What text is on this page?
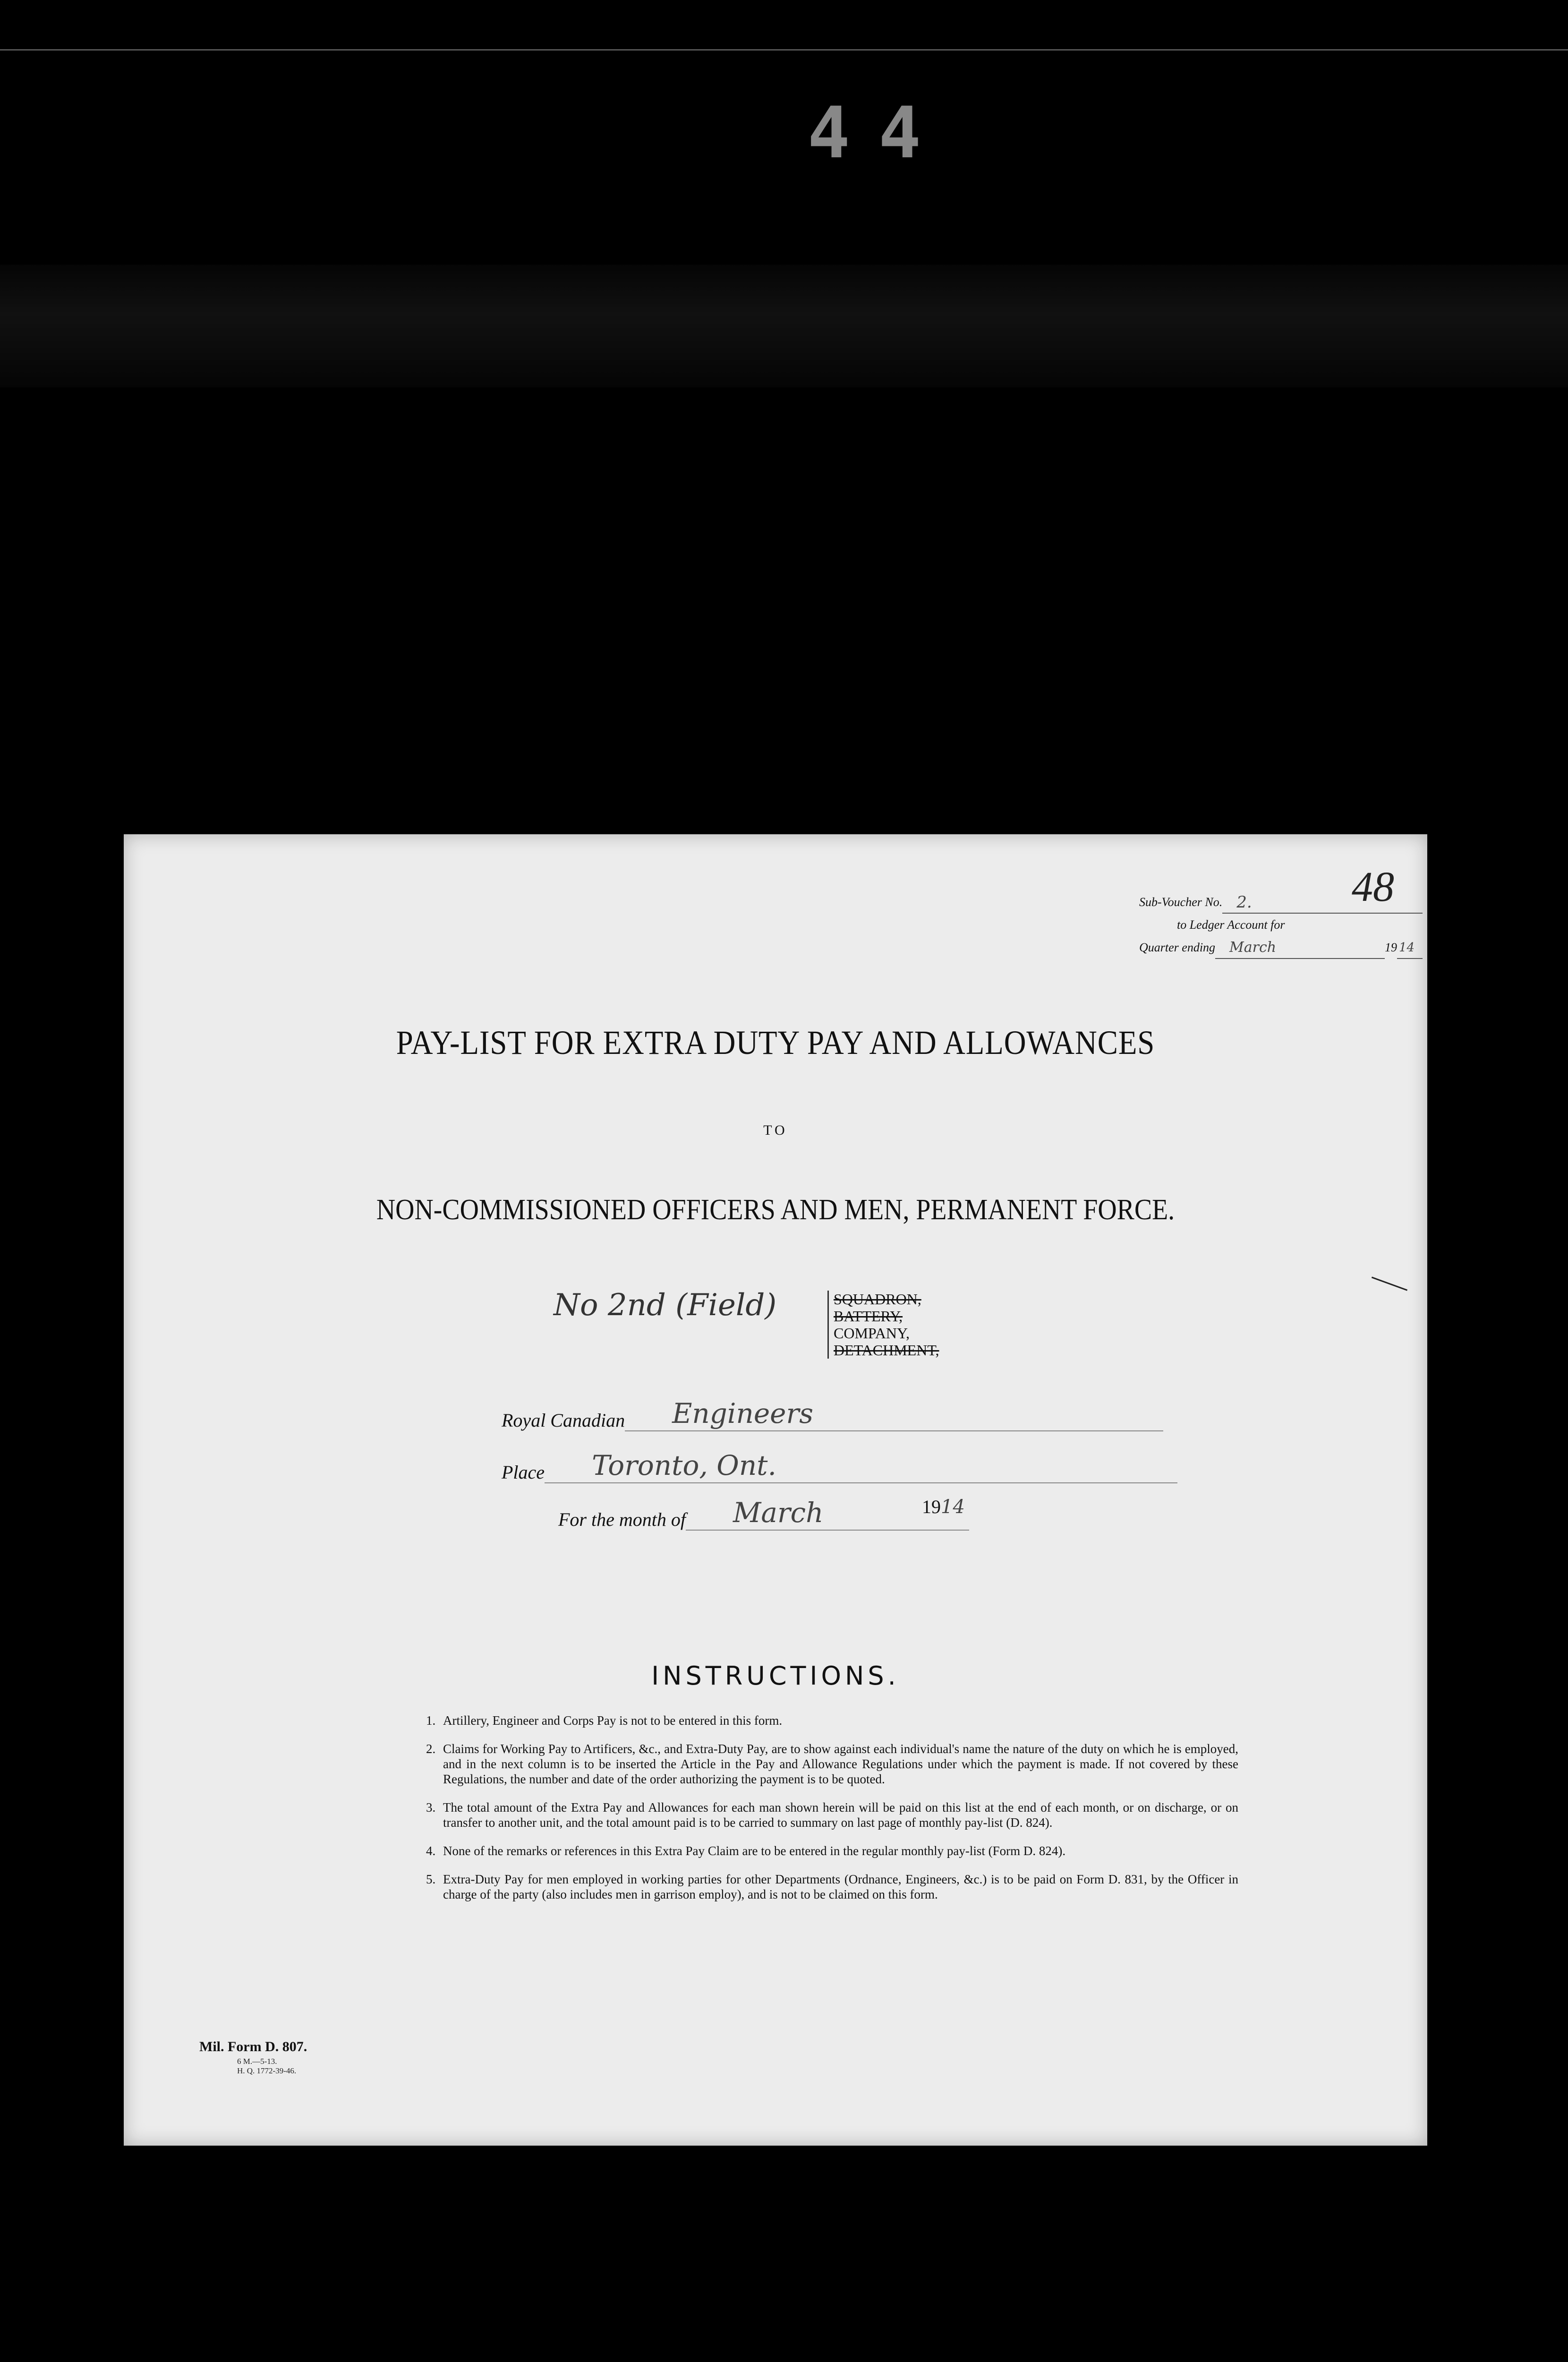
44
48
Sub-Voucher No. 2.
to Ledger Account for
Quarter ending	March	19 14
PAY-LIST FOR EXTRA DUTY PAY AND ALLOWANCES
TO
NON-COMMISSIONED OFFICERS AND MEN, PERMANENT FORCE.
No 2nd (Field)	SQUADRON,
BATTERY,
COMPANY,
DETACHMENT,
Royal Canadian	Engineers
Place	Toronto, Ont.
For the month of	March	19 14
INSTRUCTIONS.
1. Artillery, Engineer and Corps Pay is not to be entered in this form.
2. Claims for Working Pay to Artificers, &c., and Extra-Duty Pay, are to show against each individual's name the nature of the duty on which he is employed, and in the next column is to be inserted the Article in the Pay and Allowance Regulations under which the payment is made. If not covered by these Regulations, the number and date of the order authorizing the payment is to be quoted.
3. The total amount of the Extra Pay and Allowances for each man shown herein will be paid on this list at the end of each month, or on discharge, or on transfer to another unit, and the total amount paid is to be carried to summary on last page of monthly pay-list (D. 824).
4. None of the remarks or references in this Extra Pay Claim are to be entered in the regular monthly pay-list (Form D. 824).
5. Extra-Duty Pay for men employed in working parties for other Departments (Ordnance, Engineers, &c.) is to be paid on Form D. 831, by the Officer in charge of the party (also includes men in garrison employ), and is not to be claimed on this form.
Mil. Form D. 807.
6 M.—5-13.
H. Q. 1772-39-46.
